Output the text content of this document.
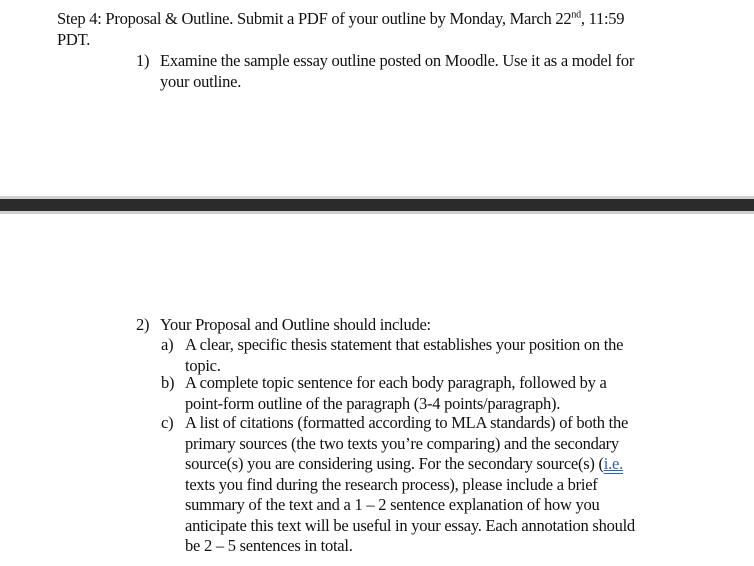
Step 4: Proposal & Outline. Submit a PDF of your outline by Monday, March 22nd, 11:59
PDT.
1) Examine the sample essay outline posted on Moodle. Use it as a model for
your outline.
2) Your Proposal and Outline should include:
a) A clear, specific thesis statement that establishes your position on the
topic.
b) A complete topic sentence for each body paragraph, followed by a
point-form outline of the paragraph (3-4 points/paragraph).
c) A list of citations (formatted according to MLA standards) of both the
primary sources (the two texts you’re comparing) and the secondary
source(s) you are considering using. For the secondary source(s) (i.e.
texts you find during the research process), please include a brief
summary of the text and a 1 – 2 sentence explanation of how you
anticipate this text will be useful in your essay. Each annotation should
be 2 – 5 sentences in total.
